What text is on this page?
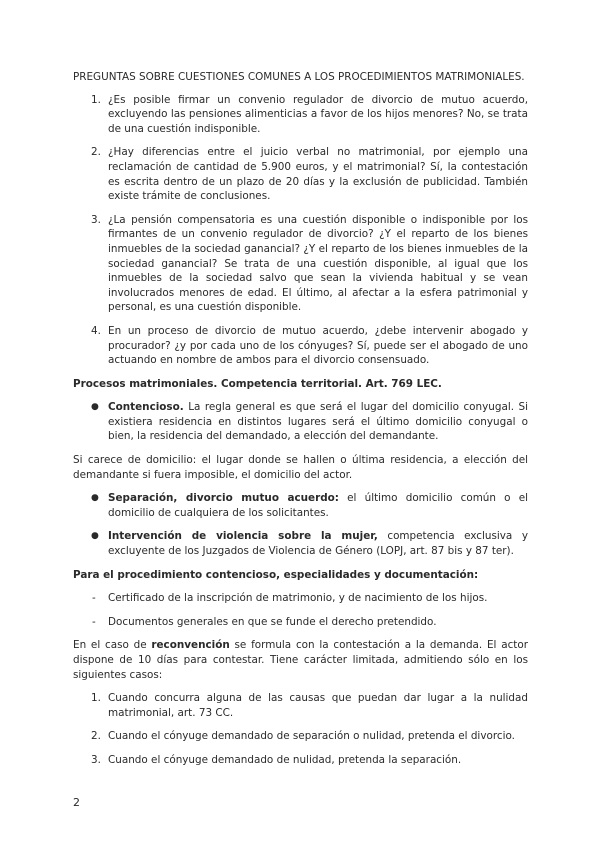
PREGUNTAS SOBRE CUESTIONES COMUNES A LOS PROCEDIMIENTOS MATRIMONIALES.
1. ¿Es posible firmar un convenio regulador de divorcio de mutuo acuerdo, excluyendo las pensiones alimenticias a favor de los hijos menores? No, se trata de una cuestión indisponible.
2. ¿Hay diferencias entre el juicio verbal no matrimonial, por ejemplo una reclamación de cantidad de 5.900 euros, y el matrimonial? Sí, la contestación es escrita dentro de un plazo de 20 días y la exclusión de publicidad. También existe trámite de conclusiones.
3. ¿La pensión compensatoria es una cuestión disponible o indisponible por los firmantes de un convenio regulador de divorcio? ¿Y el reparto de los bienes inmuebles de la sociedad ganancial? ¿Y el reparto de los bienes inmuebles de la sociedad ganancial? Se trata de una cuestión disponible, al igual que los inmuebles de la sociedad salvo que sean la vivienda habitual y se vean involucrados menores de edad. El último, al afectar a la esfera patrimonial y personal, es una cuestión disponible.
4. En un proceso de divorcio de mutuo acuerdo, ¿debe intervenir abogado y procurador? ¿y por cada uno de los cónyuges? Sí, puede ser el abogado de uno actuando en nombre de ambos para el divorcio consensuado.
Procesos matrimoniales. Competencia territorial. Art. 769 LEC.
● Contencioso. La regla general es que será el lugar del domicilio conyugal. Si existiera residencia en distintos lugares será el último domicilio conyugal o bien, la residencia del demandado, a elección del demandante.

Si carece de domicilio: el lugar donde se hallen o última residencia, a elección del demandante si fuera imposible, el domicilio del actor.

● Separación, divorcio mutuo acuerdo: el último domicilio común o el domicilio de cualquiera de los solicitantes.
● Intervención de violencia sobre la mujer, competencia exclusiva y excluyente de los Juzgados de Violencia de Género (LOPJ, art. 87 bis y 87 ter).
Para el procedimiento contencioso, especialidades y documentación:
- Certificado de la inscripción de matrimonio, y de nacimiento de los hijos.
- Documentos generales en que se funde el derecho pretendido.

En el caso de reconvención se formula con la contestación a la demanda. El actor dispone de 10 días para contestar. Tiene carácter limitada, admitiendo sólo en los siguientes casos:

1. Cuando concurra alguna de las causas que puedan dar lugar a la nulidad matrimonial, art. 73 CC.
2. Cuando el cónyuge demandado de separación o nulidad, pretenda el divorcio.
3. Cuando el cónyuge demandado de nulidad, pretenda la separación.
2
